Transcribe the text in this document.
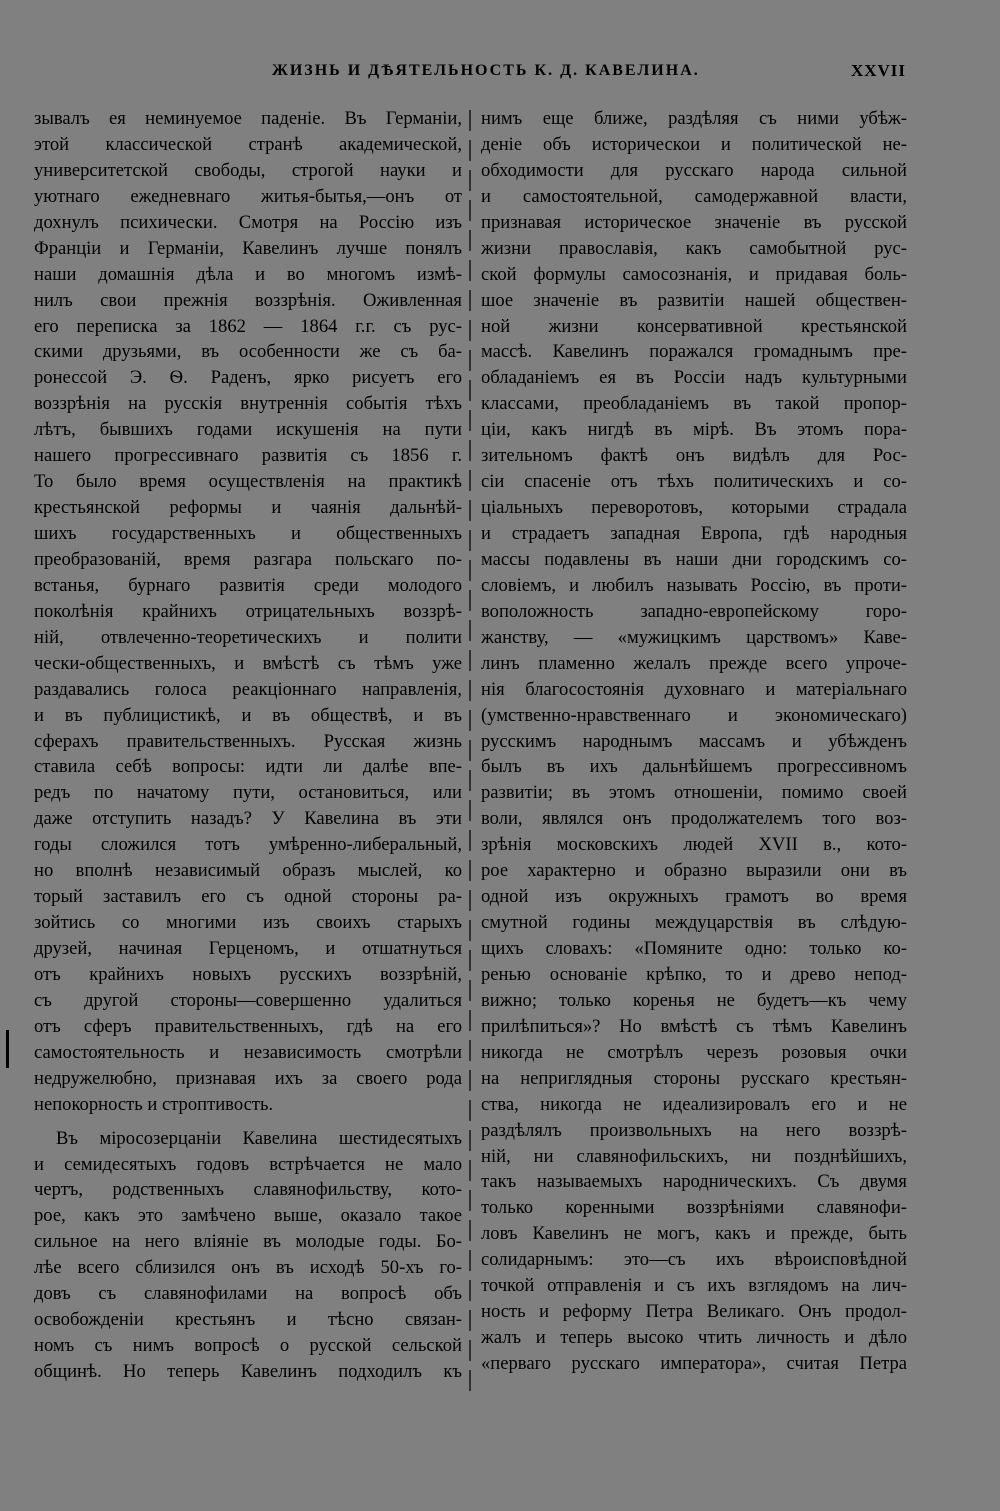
ЖИЗНЬ И ДѢЯТЕЛЬНОСТЬ К. Д. КАВЕЛИНА.	XXVII
зывалъ ея неминуемое паденіе. Въ Германіи,
этой классической странѣ академической,
университетской свободы, строгой науки и
уютнаго ежедневнаго житья-бытья,—онъ от
дохнулъ психически. Смотря на Россію изъ
Франціи и Германіи, Кавелинъ лучше понялъ
наши домашнія дѣла и во многомъ измѣ-
нилъ свои прежнія воззрѣнія. Оживленная
его переписка за 1862 — 1864 г.г. съ рус-
скими друзьями, въ особенности же съ ба-
ронессой Э. Ѳ. Раденъ, ярко рисуетъ его
воззрѣнія на русскія внутреннія событія тѣхъ
лѣтъ, бывшихъ годами искушенія на пути
нашего прогрессивнаго развитія съ 1856 г.
То было время осуществленія на практикѣ
крестьянской реформы и чаянія дальнѣй-
шихъ государственныхъ и общественныхъ
преобразованій, время разгара польскаго по-
встанья, бурнаго развитія среди молодого
поколѣнія крайнихъ отрицательныхъ воззрѣ-
ній, отвлеченно-теоретическихъ и полити
чески-общественныхъ, и вмѣстѣ съ тѣмъ уже
раздавались голоса реакціоннаго направленія,
и въ публицистикѣ, и въ обществѣ, и въ
сферахъ правительственныхъ. Русская жизнь
ставила себѣ вопросы: идти ли далѣе впе-
редъ по начатому пути, остановиться, или
даже отступить назадъ? У Кавелина въ эти
годы сложился тотъ умѣренно-либеральный,
но вполнѣ независимый образъ мыслей, ко
торый заставилъ его съ одной стороны ра-
зойтись со многими изъ своихъ старыхъ
друзей, начиная Герценомъ, и отшатнуться
отъ крайнихъ новыхъ русскихъ воззрѣній,
съ другой стороны—совершенно удалиться
отъ сферъ правительственныхъ, гдѣ на его
самостоятельность и независимость смотрѣли
недружелюбно, признавая ихъ за своего рода
непокорность и строптивость.
Въ міросозерцаніи Кавелина шестидесятыхъ
и семидесятыхъ годовъ встрѣчается не мало
чертъ, родственныхъ славянофильству, кото-
рое, какъ это замѣчено выше, оказало такое
сильное на него вліяніе въ молодые годы. Бо-
лѣе всего сблизился онъ въ исходѣ 50-хъ го-
довъ съ славянофилами на вопросѣ объ
освобожденіи крестьянъ и тѣсно связан-
номъ съ нимъ вопросѣ о русской сельской
общинѣ. Но теперь Кавелинъ подходилъ къ
нимъ еще ближе, раздѣляя съ ними убѣж-
деніе объ историческои и политической не-
обходимости для русскаго народа сильной
и самостоятельной, самодержавной власти,
признавая историческое значеніе въ русской
жизни православія, какъ самобытной рус-
ской формулы самосознанія, и придавая боль-
шое значеніе въ развитіи нашей обществен-
ной жизни консервативной крестьянской
массѣ. Кавелинъ поражался громаднымъ пре-
обладаніемъ ея въ Россіи надъ культурными
классами, преобладаніемъ въ такой пропор-
ціи, какъ нигдѣ въ мірѣ. Въ этомъ пора-
зительномъ фактѣ онъ видѣлъ для Рос-
сіи спасеніе отъ тѣхъ политическихъ и со-
ціальныхъ переворотовъ, которыми страдала
и страдаетъ западная Европа, гдѣ народныя
массы подавлены въ наши дни городскимъ со-
словіемъ, и любилъ называть Россію, въ проти-
воположность западно-европейскому горо-
жанству, — «мужицкимъ царствомъ» Каве-
линъ пламенно желалъ прежде всего упроче-
нія благосостоянія духовнаго и матеріальнаго
(умственно-нравственнаго и экономическаго)
русскимъ народнымъ массамъ и убѣжденъ
былъ въ ихъ дальнѣйшемъ прогрессивномъ
развитіи; въ этомъ отношеніи, помимо своей
воли, являлся онъ продолжателемъ того воз-
зрѣнія московскихъ людей XVII в., кото-
рое характерно и образно выразили они въ
одной изъ окружныхъ грамотъ во время
смутной годины междуцарствія въ слѣдую-
щихъ словахъ: «Помяните одно: только ко-
ренью основаніе крѣпко, то и древо непод-
вижно; только коренья не будетъ—къ чему
прилѣпиться»? Но вмѣстѣ съ тѣмъ Кавелинъ
никогда не смотрѣлъ черезъ розовыя очки
на неприглядныя стороны русскаго крестьян-
ства, никогда не идеализировалъ его и не
раздѣлялъ произвольныхъ на него воззрѣ-
ній, ни славянофильскихъ, ни позднѣйшихъ,
такъ называемыхъ народническихъ. Съ двумя
только коренными воззрѣніями славянофи-
ловъ Кавелинъ не могъ, какъ и прежде, быть
солидарнымъ: это—съ ихъ вѣроисповѣдной
точкой отправленія и съ ихъ взглядомъ на лич-
ность и реформу Петра Великаго. Онъ продол-
жалъ и теперь высоко чтить личность и дѣло
«перваго русскаго императора», считая Петра
